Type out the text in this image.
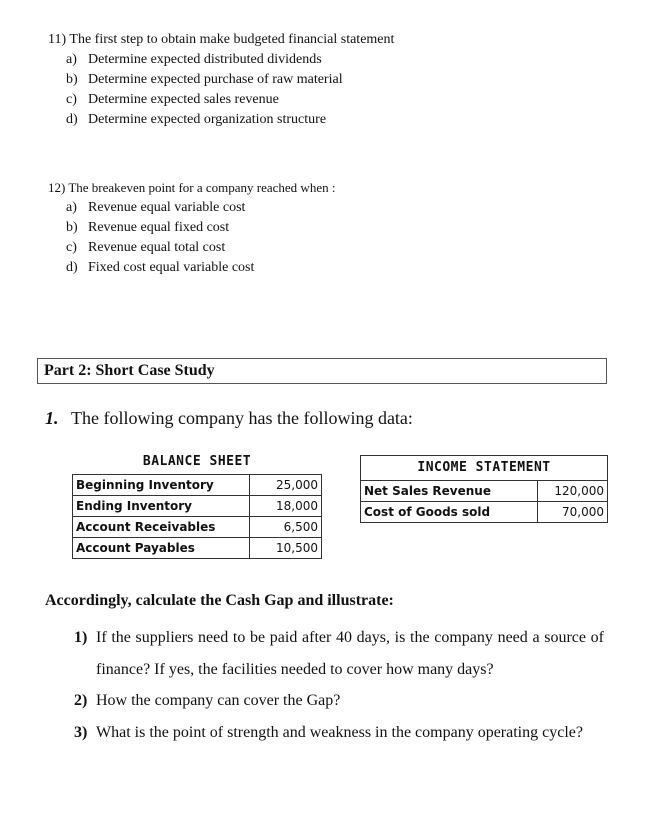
11) The first step to obtain make budgeted financial statement
a) Determine expected distributed dividends
b) Determine expected purchase of raw material
c) Determine expected sales revenue
d) Determine expected organization structure
12) The breakeven point for a company reached when :
a) Revenue equal variable cost
b) Revenue equal fixed cost
c) Revenue equal total cost
d) Fixed cost equal variable cost
Part 2: Short Case Study
1. The following company has the following data:
BALANCE SHEET	
Beginning Inventory	25,000
Ending Inventory	18,000
Account Receivables	6,500
Account Payables	10,500
INCOME STATEMENT	
Net Sales Revenue	120,000
Cost of Goods sold	70,000
Accordingly, calculate the Cash Gap and illustrate:
1) If the suppliers need to be paid after 40 days, is the company need a source of finance? If yes, the facilities needed to cover how many days?
2) How the company can cover the Gap?
3) What is the point of strength and weakness in the company operating cycle?
